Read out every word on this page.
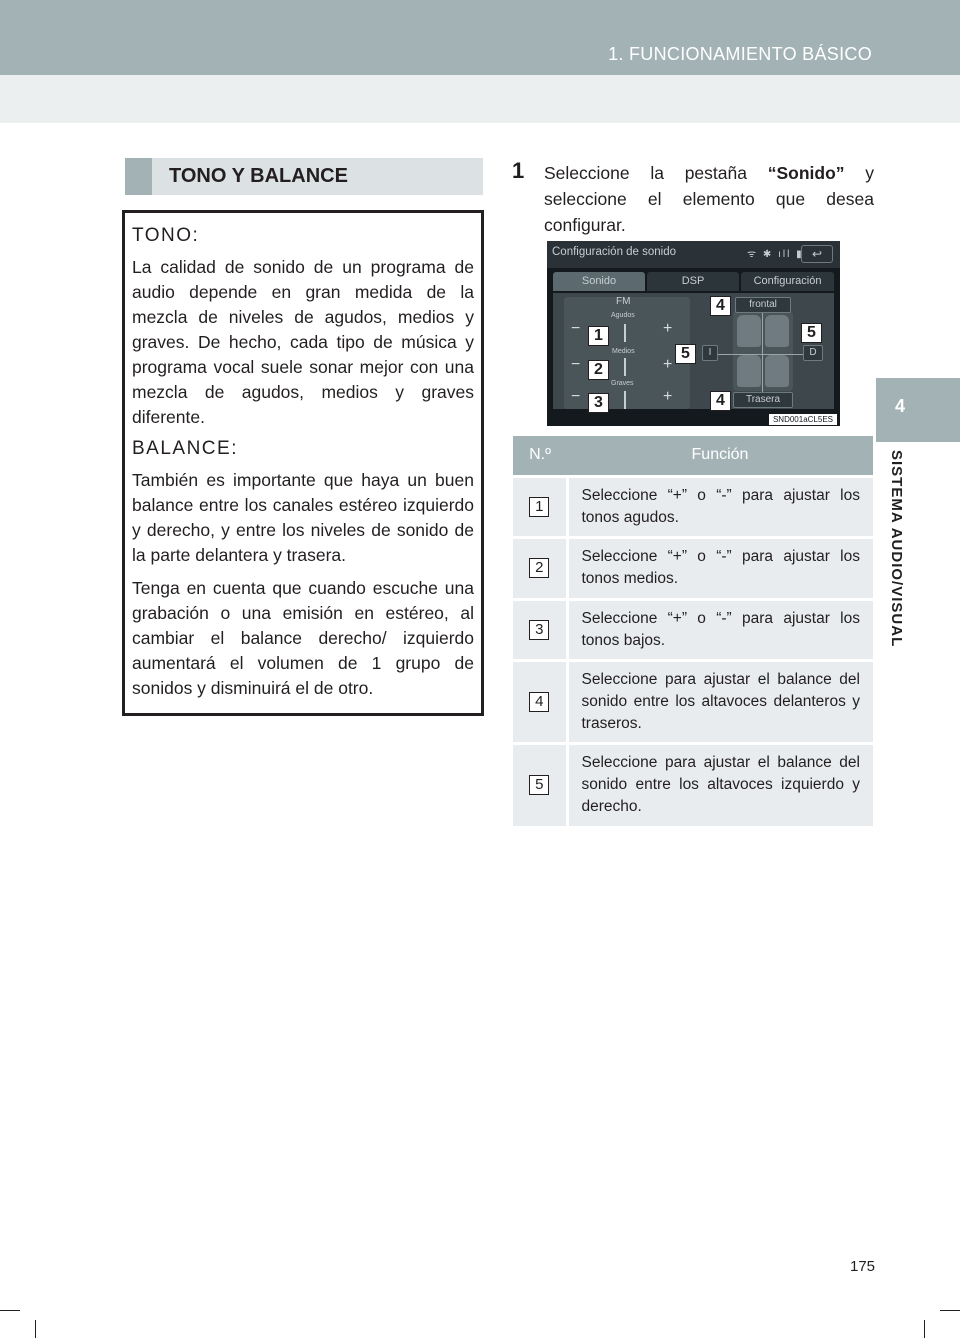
1. FUNCIONAMIENTO BÁSICO
4
SISTEMA AUDIO/VISUAL
TONO Y BALANCE
TONO:

La calidad de sonido de un programa de audio depende en gran medida de la mezcla de niveles de agudos, medios y graves. De hecho, cada tipo de música y programa vocal suele sonar mejor con una mezcla de agudos, medios y graves diferente.

BALANCE:

También es importante que haya un buen balance entre los canales estéreo izquierdo y derecho, y entre los niveles de sonido de la parte delantera y trasera.

Tenga en cuenta que cuando escuche una grabación o una emisión en estéreo, al cambiar el balance derecho/ izquierdo aumentará el volumen de 1 grupo de sonidos y disminuirá el de otro.

1 Seleccione la pestaña “Sonido” y seleccione el elemento que desea configurar.
Configuración de sonido	ᯤ ✱ ıll ▮ ↩
Sonido	DSP	Configuración
FM
Agudos
Medios
Graves
−
−
−
+
+
+
frontal
Trasera
I	D
SND001aCL5ES
1
2
3
4
4
5
5
N.º	Función
1	Seleccione “+” o “-” para ajustar los tonos agudos.
2	Seleccione “+” o “-” para ajustar los tonos medios.
3	Seleccione “+” o “-” para ajustar los tonos bajos.
4	Seleccione para ajustar el balance del sonido entre los altavoces delanteros y traseros.
5	Seleccione para ajustar el balance del sonido entre los altavoces izquierdo y derecho.
175
